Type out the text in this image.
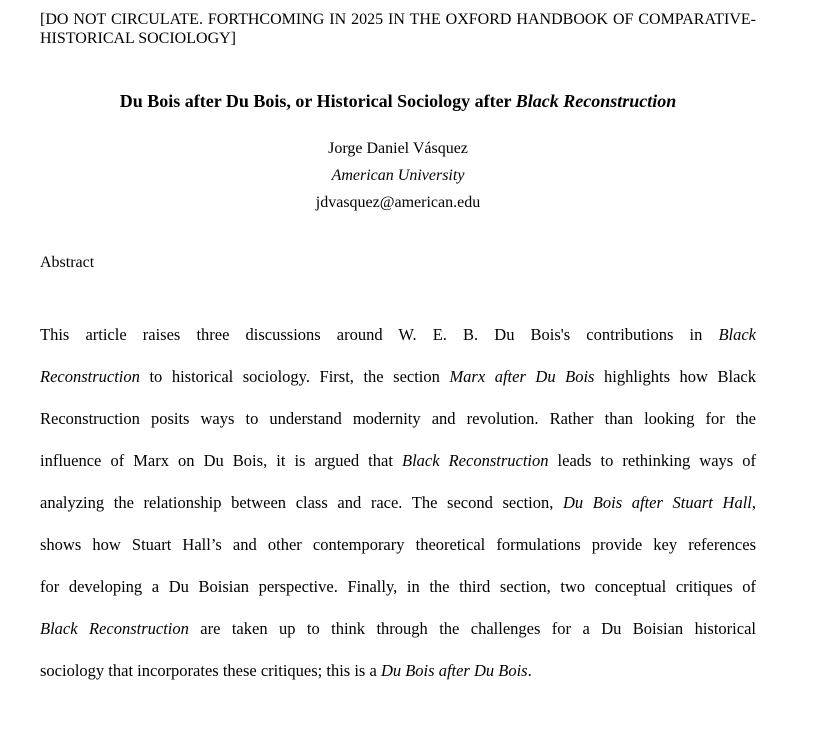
[DO NOT CIRCULATE. FORTHCOMING IN 2025 IN THE OXFORD HANDBOOK OF COMPARATIVE-HISTORICAL SOCIOLOGY]
Du Bois after Du Bois, or Historical Sociology after Black Reconstruction
Jorge Daniel Vásquez
American University
jdvasquez@american.edu
Abstract
This article raises three discussions around W. E. B. Du Bois's contributions in Black
Reconstruction to historical sociology. First, the section Marx after Du Bois highlights how Black
Reconstruction posits ways to understand modernity and revolution. Rather than looking for the
influence of Marx on Du Bois, it is argued that Black Reconstruction leads to rethinking ways of
analyzing the relationship between class and race. The second section, Du Bois after Stuart Hall,
shows how Stuart Hall’s and other contemporary theoretical formulations provide key references
for developing a Du Boisian perspective. Finally, in the third section, two conceptual critiques of
Black Reconstruction are taken up to think through the challenges for a Du Boisian historical
sociology that incorporates these critiques; this is a Du Bois after Du Bois.
